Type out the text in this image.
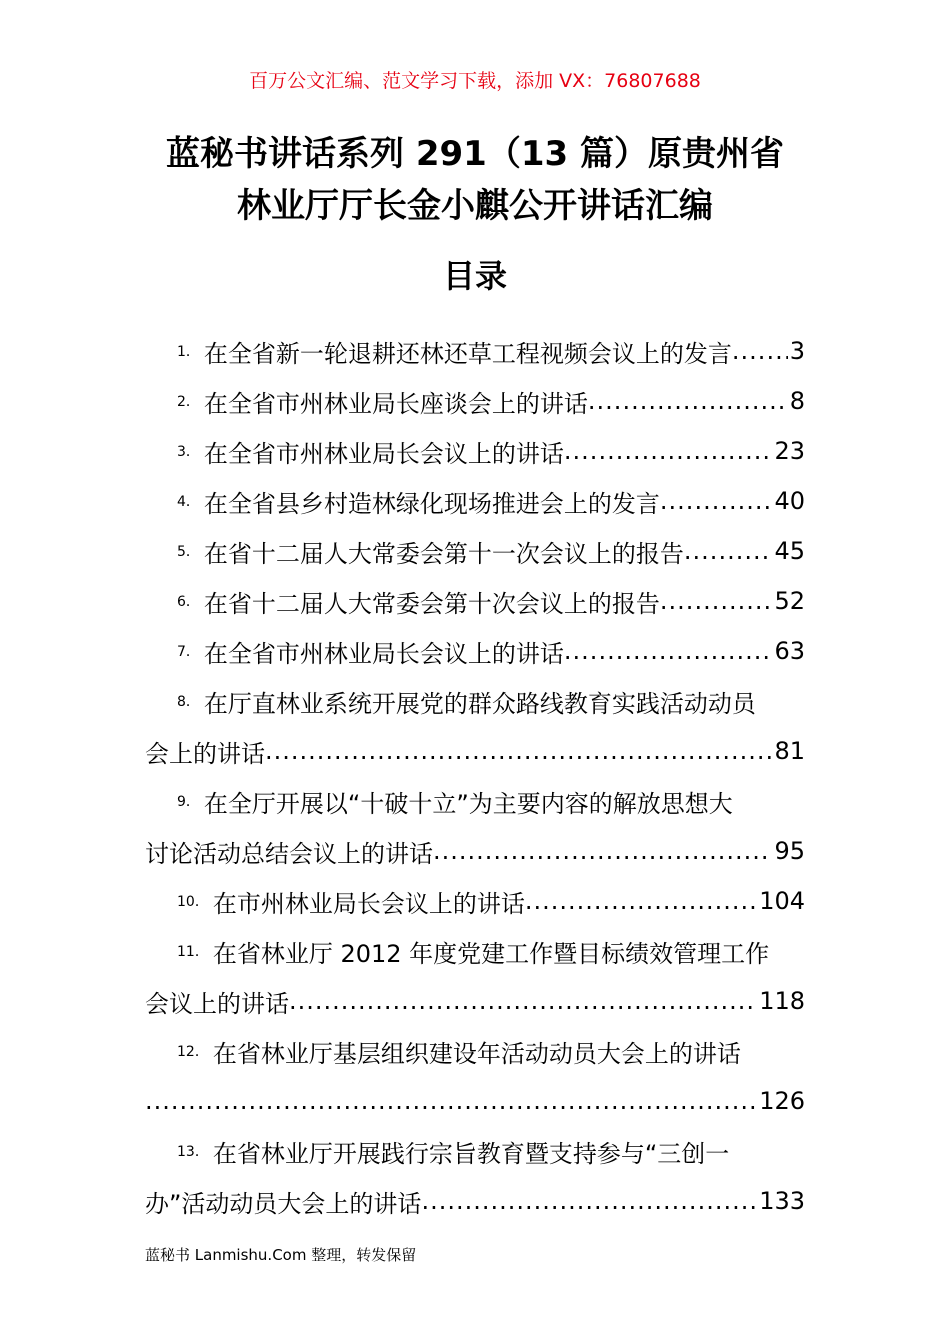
百万公文汇编、范文学习下载，添加 VX：76807688
蓝秘书讲话系列 291（13 篇）原贵州省
林业厅厅长金小麒公开讲话汇编
目录
1． 在全省新一轮退耕还林还草工程视频会议上的发言 ..... 3
2． 在全省市州林业局长座谈会上的讲话 .....	8
3． 在全省市州林业局长会议上的讲话 .....	23
4． 在全省县乡村造林绿化现场推进会上的发言 .....	40
5． 在省十二届人大常委会第十一次会议上的报告 .....	45
6． 在省十二届人大常委会第十次会议上的报告 .....	52
7． 在全省市州林业局长会议上的讲话 .....	63
8． 在厅直林业系统开展党的群众路线教育实践活动动员
会上的讲话 .....	81
9． 在全厅开展以“十破十立”为主要内容的解放思想大
讨论活动总结会议上的讲话 .....	95
10． 在市州林业局长会议上的讲话 .....	104
11． 在省林业厅 2012 年度党建工作暨目标绩效管理工作
会议上的讲话 .....	118
12． 在省林业厅基层组织建设年活动动员大会上的讲话
.....
126
13． 在省林业厅开展践行宗旨教育暨支持参与“三创一
办”活动动员大会上的讲话 .....	133
蓝秘书 Lanmishu.Com 整理，转发保留
